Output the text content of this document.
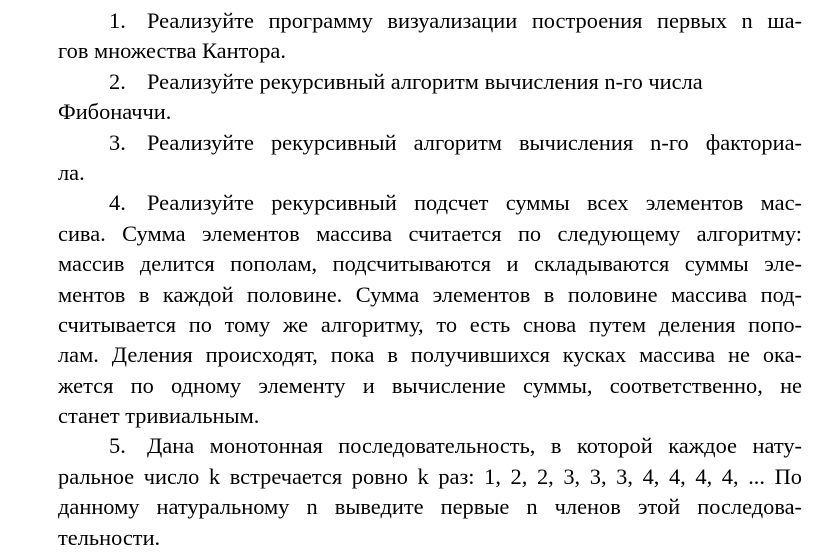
1. Реализуйте программу визуализации построения первых n ша-
гов множества Кантора.
2. Реализуйте рекурсивный алгоритм вычисления n-го числа
Фибоначчи.
3. Реализуйте рекурсивный алгоритм вычисления n-го факториа-
ла.
4. Реализуйте рекурсивный подсчет суммы всех элементов мас-
сива. Сумма элементов массива считается по следующему алгоритму:
массив делится пополам, подсчитываются и складываются суммы эле-
ментов в каждой половине. Сумма элементов в половине массива под-
считывается по тому же алгоритму, то есть снова путем деления попо-
лам. Деления происходят, пока в получившихся кусках массива не ока-
жется по одному элементу и вычисление суммы, соответственно, не
станет тривиальным.
5. Дана монотонная последовательность, в которой каждое нату-
ральное число k встречается ровно k раз: 1, 2, 2, 3, 3, 3, 4, 4, 4, 4, ... По
данному натуральному n выведите первые n членов этой последова-
тельности.
